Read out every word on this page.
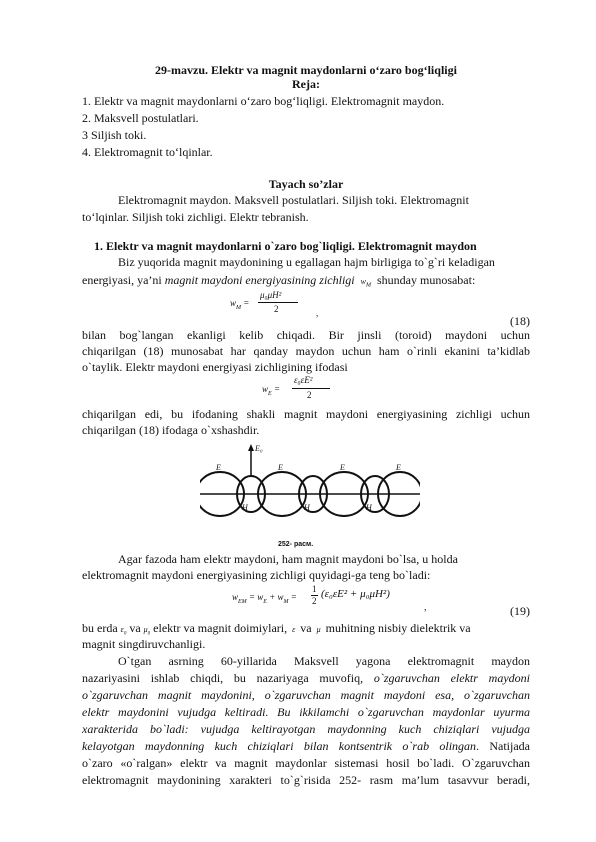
29-mavzu. Elektr va magnit maydonlarni o‘zaro bog‘liqligi
Reja:
1. Elektr va magnit maydonlarni o‘zaro bog‘liqligi. Elektromagnit maydon.
2. Maksvell postulatlari.
3 Siljish toki.
4. Elektromagnit to‘lqinlar.
Tayach so’zlar
Elektromagnit maydon. Maksvell postulatlari. Siljish toki. Elektromagnit
to‘lqinlar. Siljish toki zichligi. Elektr tebranish.
1. Elektr va magnit maydonlarni o`zaro bog`liqligi. Elektromagnit maydon
Biz yuqorida magnit maydonining u egallagan hajm birligiga to`g`ri keladigan
energiyasi, ya’ni magnit maydoni energiyasining zichligi $w_M$ shunday munosabat:
$w_M$ =
μ₀μH²
2	,
(18)
bilan bog`langan ekanligi kelib chiqadi. Bir jinsli (toroid) maydoni uchun
chiqarilgan (18) munosabat har qanday maydon uchun ham o`rinli ekanini ta’kidlab
o`taylik. Elektr maydoni energiyasi zichligining ifodasi
$w_E$ =
ε₀εE²
2
chiqarilgan edi, bu ifodaning shakli magnit maydoni energiyasining zichligi uchun
chiqarilgan (18) ifodaga o`xshashdir.
E₀
E	E	E	E
H	H	H
252- расм.
Agar fazoda ham elektr maydoni, ham magnit maydoni bo`lsa, u holda
elektromagnit maydoni energiyasining zichligi quyidagi-ga teng bo`ladi:
$w_{EM} = w_E + w_M$ =
1
2
(ε₀εE² + μ₀μH²)
,	(19)
bu erda $\varepsilon_0$ va $\mu_0$ elektr va magnit doimiylari,  ε  va  μ  muhitning nisbiy dielektrik va
magnit singdiruvchanligi.
O`tgan asrning 60-yillarida Maksvell yagona elektromagnit maydon
nazariyasini ishlab chiqdi, bu nazariyaga muvofiq, o`zgaruvchan elektr maydoni
o`zgaruvchan magnit maydonini, o`zgaruvchan magnit maydoni esa, o`zgaruvchan
elektr maydonini vujudga keltiradi. Bu ikkilamchi o`zgaruvchan maydonlar uyurma
xarakterida bo`ladi: vujudga keltirayotgan maydonning kuch chiziqlari vujudga
kelayotgan maydonning kuch chiziqlari bilan kontsentrik o`rab olingan. Natijada
o`zaro «o`ralgan» elektr va magnit maydonlar sistemasi hosil bo`ladi. O`zgaruvchan
elektromagnit maydonining xarakteri to`g`risida 252- rasm ma’lum tasavvur beradi,
